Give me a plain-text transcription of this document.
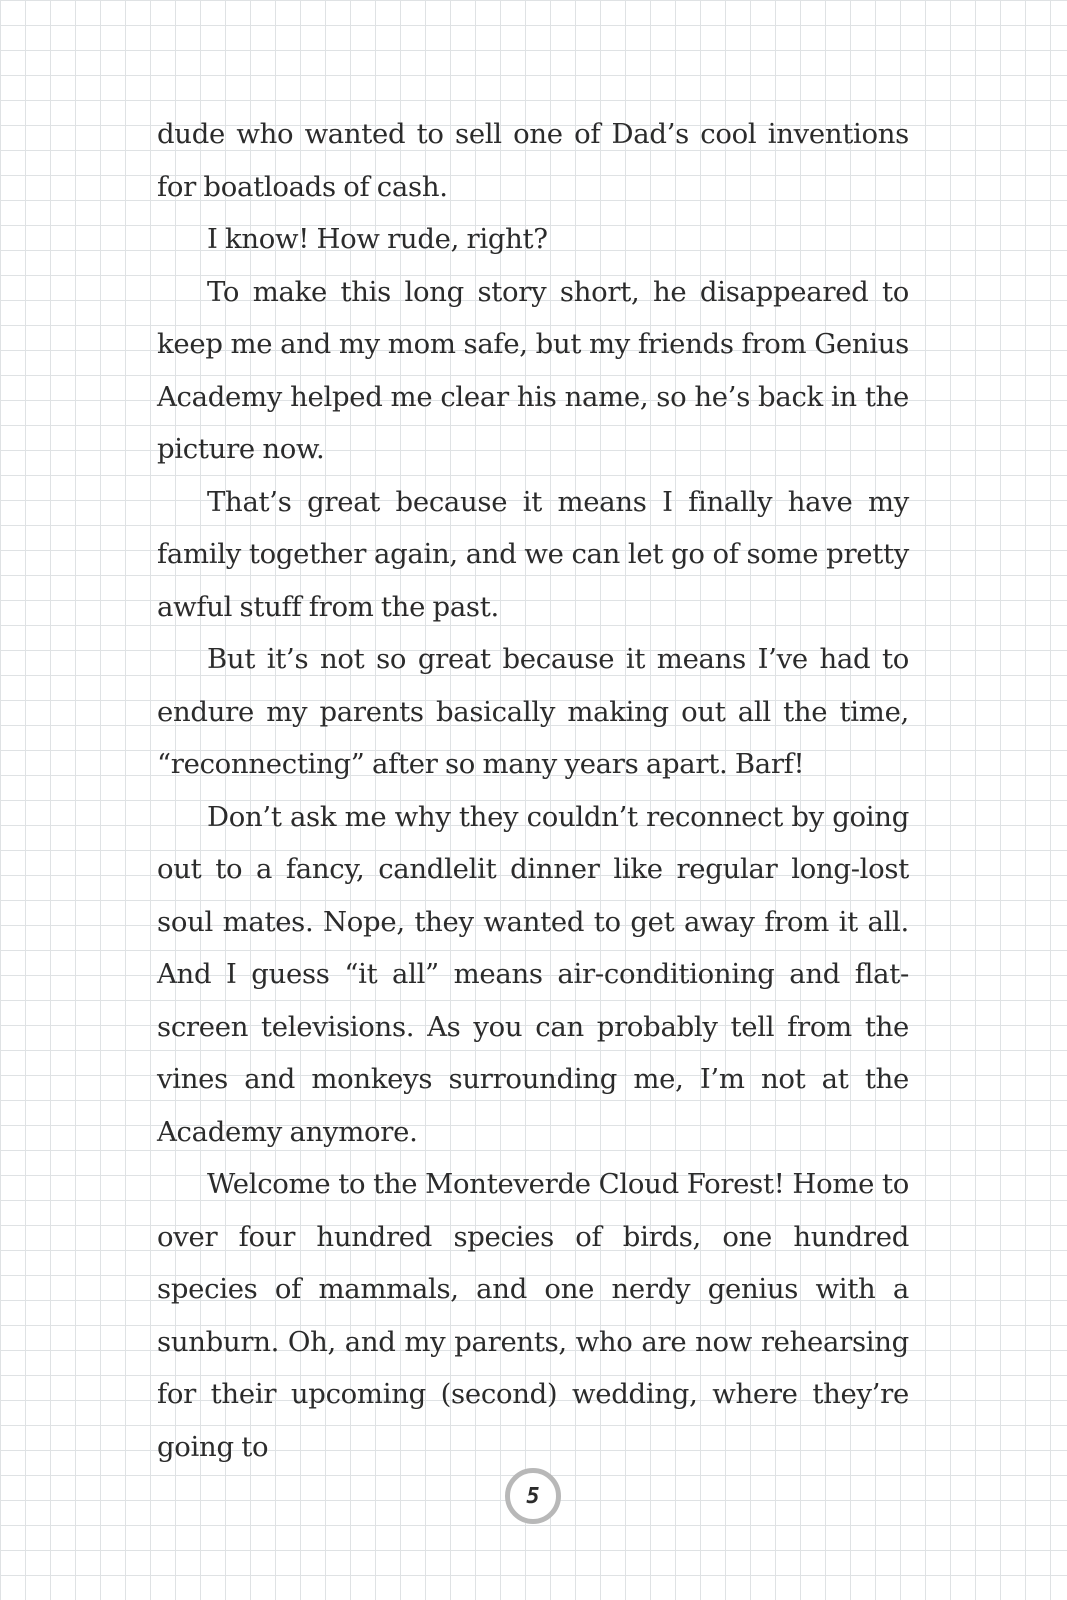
dude who wanted to sell one of Dad’s cool inventions for boatloads of cash.

I know! How rude, right?

To make this long story short, he disappeared to keep me and my mom safe, but my friends from Genius Academy helped me clear his name, so he’s back in the picture now.

That’s great because it means I finally have my family together again, and we can let go of some pretty awful stuff from the past.

But it’s not so great because it means I’ve had to endure my parents basically making out all the time, “reconnecting” after so many years apart. Barf!

Don’t ask me why they couldn’t reconnect by going out to a fancy, candlelit dinner like regular long-lost soul mates. Nope, they wanted to get away from it all. And I guess “it all” means air-conditioning and flat-screen televisions. As you can probably tell from the vines and monkeys surrounding me, I’m not at the Academy anymore.

Welcome to the Monteverde Cloud Forest! Home to over four hundred species of birds, one hundred species of mammals, and one nerdy genius with a sunburn. Oh, and my parents, who are now rehearsing for their upcoming (second) wedding, where they’re going to

5
